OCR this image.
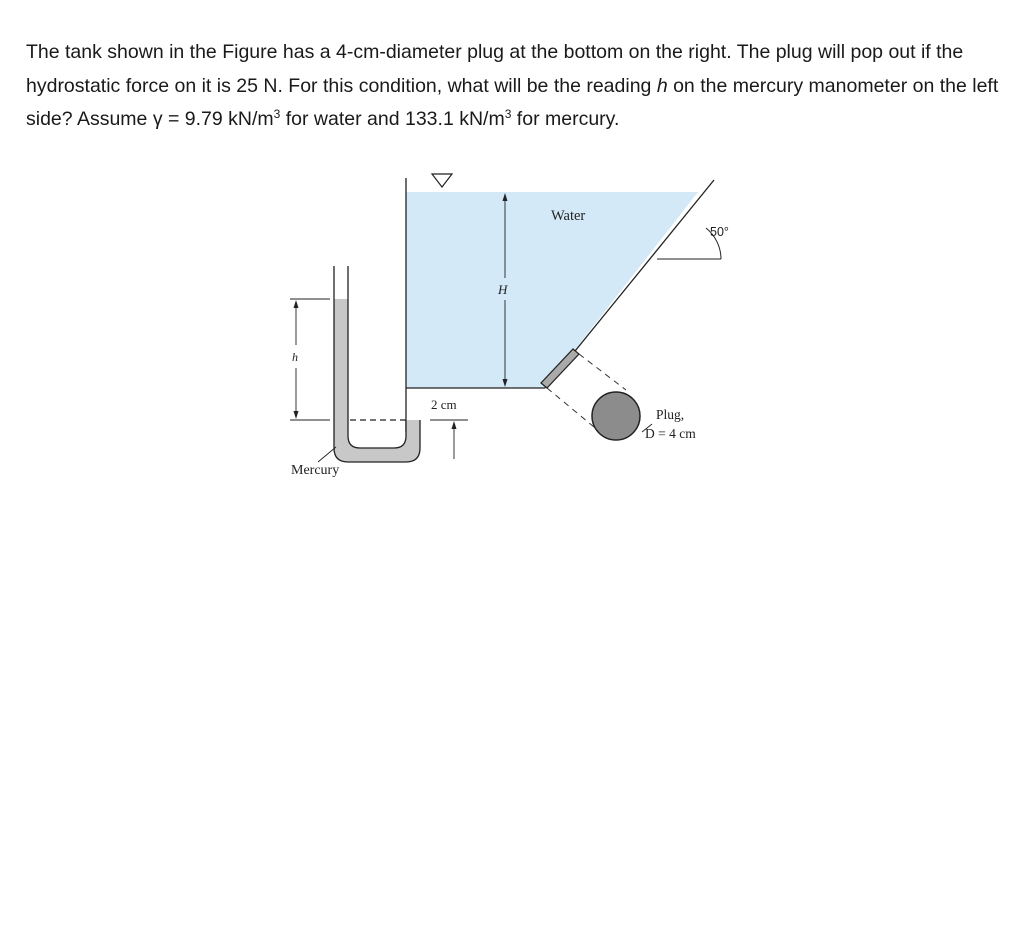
The tank shown in the Figure has a 4-cm-diameter plug at the bottom on the right. The plug will pop out if the hydrostatic force on it is 25 N. For this condition, what will be the reading h on the mercury manometer on the left side? Assume γ = 9.79 $kN/m^3$ for water and 133.1 $kN/m^3$ for mercury.

H
Water
50°
Plug,
D = 4 cm
h
2 cm
Mercury
